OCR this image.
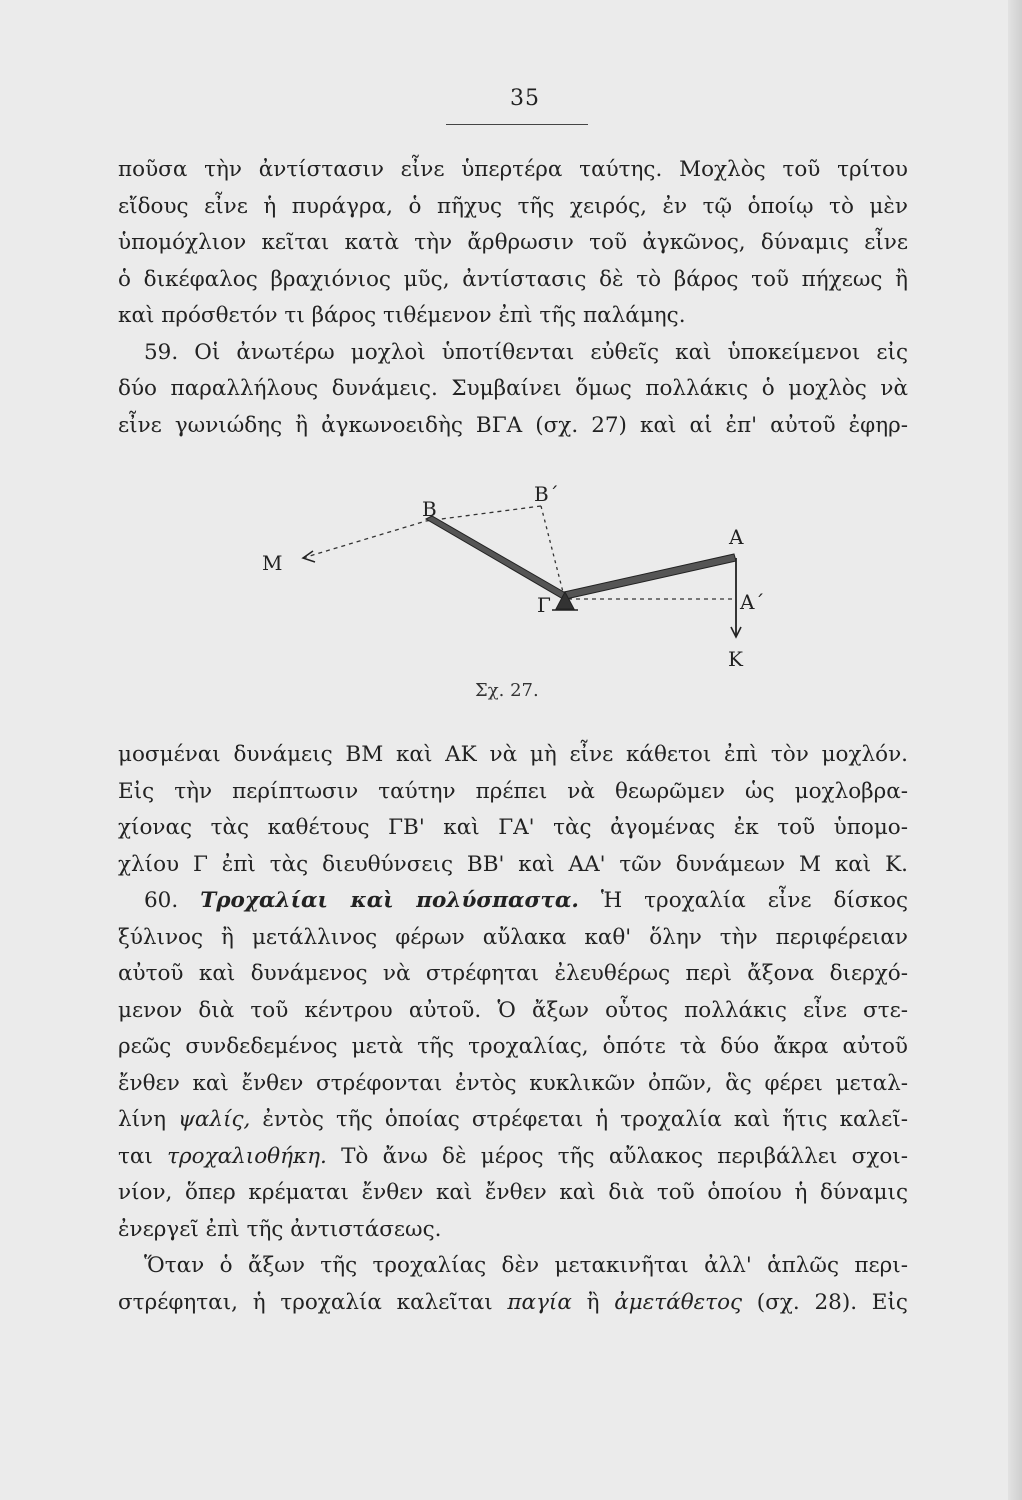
35
ποῦσα τὴν ἀντίστασιν εἶνε ὑπερτέρα ταύτης. Μοχλὸς τοῦ τρίτου
εἴδους εἶνε ἡ πυράγρα, ὁ πῆχυς τῆς χειρός, ἐν τῷ ὁποίῳ τὸ μὲν
ὑπομόχλιον κεῖται κατὰ τὴν ἄρθρωσιν τοῦ ἀγκῶνος, δύναμις εἶνε
ὁ δικέφαλος βραχιόνιος μῦς, ἀντίστασις δὲ τὸ βάρος τοῦ πήχεως ἢ
καὶ πρόσθετόν τι βάρος τιθέμενον ἐπὶ τῆς παλάμης.
59. Οἱ ἀνωτέρω μοχλοὶ ὑποτίθενται εὐθεῖς καὶ ὑποκείμενοι εἰς
δύο παραλλήλους δυνάμεις. Συμβαίνει ὅμως πολλάκις ὁ μοχλὸς νὰ
εἶνε γωνιώδης ἢ ἀγκωνοειδὴς ΒΓΑ (σχ. 27) καὶ αἱ ἐπ' αὐτοῦ ἐφηρ-
Β
Β΄
Α
Α΄
Γ
Μ
Κ
Σχ. 27.
μοσμέναι δυνάμεις ΒΜ καὶ ΑΚ νὰ μὴ εἶνε κάθετοι ἐπὶ τὸν μοχλόν.
Εἰς τὴν περίπτωσιν ταύτην πρέπει νὰ θεωρῶμεν ὡς μοχλοβρα-
χίονας τὰς καθέτους ΓΒ' καὶ ΓΑ' τὰς ἀγομένας ἐκ τοῦ ὑπομο-
χλίου Γ ἐπὶ τὰς διευθύνσεις ΒΒ' καὶ ΑΑ' τῶν δυνάμεων Μ καὶ Κ.
60. Τροχαλίαι καὶ πολύσπαστα. Ἡ τροχαλία εἶνε δίσκος
ξύλινος ἢ μετάλλινος φέρων αὔλακα καθ' ὅλην τὴν περιφέρειαν
αὐτοῦ καὶ δυνάμενος νὰ στρέφηται ἐλευθέρως περὶ ἄξονα διερχό-
μενον διὰ τοῦ κέντρου αὐτοῦ. Ὁ ἄξων οὗτος πολλάκις εἶνε στε-
ρεῶς συνδεδεμένος μετὰ τῆς τροχαλίας, ὁπότε τὰ δύο ἄκρα αὐτοῦ
ἔνθεν καὶ ἔνθεν στρέφονται ἐντὸς κυκλικῶν ὀπῶν, ἃς φέρει μεταλ-
λίνη ψαλίς, ἐντὸς τῆς ὁποίας στρέφεται ἡ τροχαλία καὶ ἥτις καλεῖ-
ται τροχαλιοθήκη. Τὸ ἄνω δὲ μέρος τῆς αὔλακος περιβάλλει σχοι-
νίον, ὅπερ κρέμαται ἔνθεν καὶ ἔνθεν καὶ διὰ τοῦ ὁποίου ἡ δύναμις
ἐνεργεῖ ἐπὶ τῆς ἀντιστάσεως.
Ὅταν ὁ ἄξων τῆς τροχαλίας δὲν μετακινῆται ἀλλ' ἁπλῶς περι-
στρέφηται, ἡ τροχαλία καλεῖται παγία ἢ ἀμετάθετος (σχ. 28). Εἰς
